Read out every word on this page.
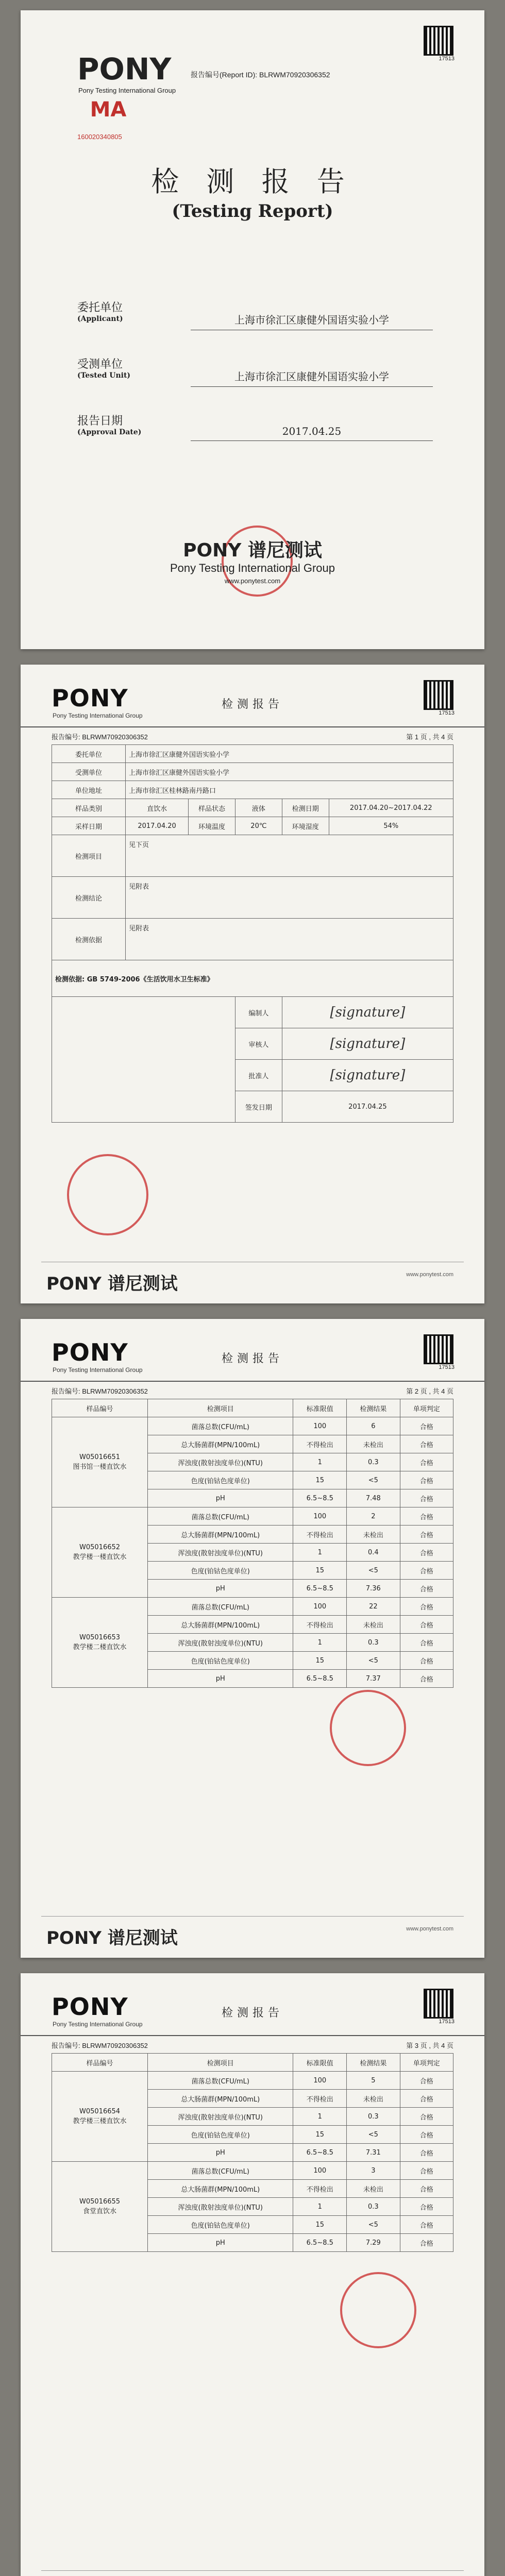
PONY
Pony Testing International Group
报告编号(Report ID): BLRWM70920306352
17513
MA
160020340805
检 测 报 告
(Testing Report)
委托单位
(Applicant)	上海市徐汇区康健外国语实验小学
受测单位
(Tested Unit)	上海市徐汇区康健外国语实验小学
报告日期
(Approval Date)	2017.04.25
PONY 谱尼测试
Pony Testing International Group
www.ponytest.com
PONY
Pony Testing International Group
检测报告
17513
报告编号: BLRWM70920306352	第 1 页 , 共 4 页
委托单位	上海市徐汇区康健外国语实验小学				
受测单位	上海市徐汇区康健外国语实验小学				
单位地址	上海市徐汇区桂林路南丹路口				
样品类别	直饮水	样品状态	液体	检测日期	2017.04.20~2017.04.22
采样日期	2017.04.20	环境温度	20℃	环境湿度	54%
检测项目	见下页				
检测结论	见附表				
检测依据	见附表				
检测依据: GB 5749-2006《生活饮用水卫生标准》					
			编制人	[signature]	
			审核人	[signature]	
			批准人	[signature]	
			签发日期	2017.04.25	
PONY 谱尼测试	www.ponytest.com
PONY
Pony Testing International Group
检测报告
17513
报告编号: BLRWM70920306352	第 2 页 , 共 4 页
样品编号	检测项目	标准限值	检测结果	单项判定

W05016651
图书馆一楼直饮水	菌落总数(CFU/mL)	100	6	合格
	总大肠菌群(MPN/100mL)	不得检出	未检出	合格
	浑浊度(散射浊度单位)(NTU)	1	0.3	合格
	色度(铂钴色度单位)	15	<5	合格
	pH	6.5~8.5	7.48	合格

W05016652
教学楼一楼直饮水	菌落总数(CFU/mL)	100	2	合格
	总大肠菌群(MPN/100mL)	不得检出	未检出	合格
	浑浊度(散射浊度单位)(NTU)	1	0.4	合格
	色度(铂钴色度单位)	15	<5	合格
	pH	6.5~8.5	7.36	合格

W05016653
教学楼二楼直饮水	菌落总数(CFU/mL)	100	22	合格
	总大肠菌群(MPN/100mL)	不得检出	未检出	合格
	浑浊度(散射浊度单位)(NTU)	1	0.3	合格
	色度(铂钴色度单位)	15	<5	合格
	pH	6.5~8.5	7.37	合格
PONY 谱尼测试	www.ponytest.com
PONY
Pony Testing International Group
检测报告
17513
报告编号: BLRWM70920306352	第 3 页 , 共 4 页
样品编号	检测项目	标准限值	检测结果	单项判定

W05016654
教学楼三楼直饮水	菌落总数(CFU/mL)	100	5	合格
	总大肠菌群(MPN/100mL)	不得检出	未检出	合格
	浑浊度(散射浊度单位)(NTU)	1	0.3	合格
	色度(铂钴色度单位)	15	<5	合格
	pH	6.5~8.5	7.31	合格

W05016655
食堂直饮水	菌落总数(CFU/mL)	100	3	合格
	总大肠菌群(MPN/100mL)	不得检出	未检出	合格
	浑浊度(散射浊度单位)(NTU)	1	0.3	合格
	色度(铂钴色度单位)	15	<5	合格
	pH	6.5~8.5	7.29	合格
